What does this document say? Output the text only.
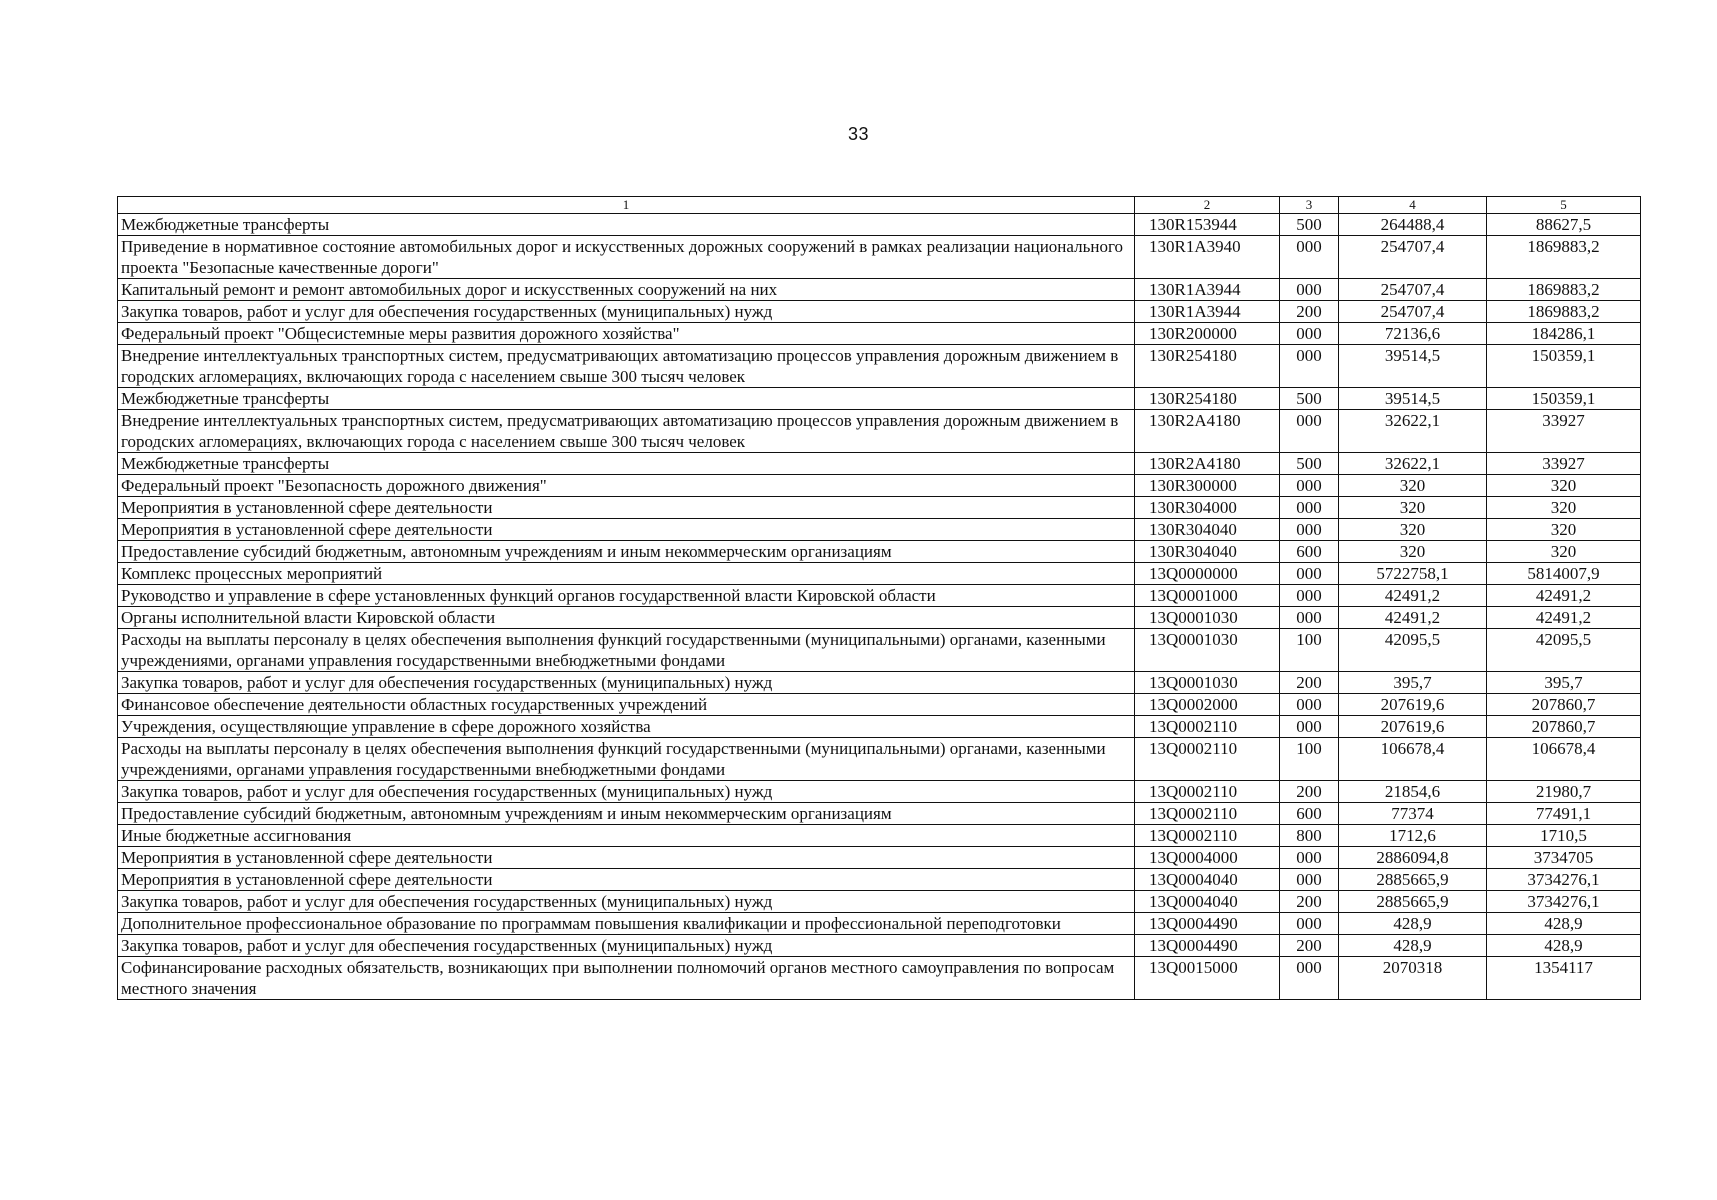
33
1	2	3	4	5
Межбюджетные трансферты	130R153944	500	264488,4	88627,5
Приведение в нормативное состояние автомобильных дорог и искусственных дорожных сооружений в рамках реализации национального проекта "Безопасные качественные дороги"	130R1A3940	000	254707,4	1869883,2
Капитальный ремонт и ремонт автомобильных дорог и искусственных сооружений на них	130R1A3944	000	254707,4	1869883,2
Закупка товаров, работ и услуг для обеспечения государственных (муниципальных) нужд	130R1A3944	200	254707,4	1869883,2
Федеральный проект "Общесистемные меры развития дорожного хозяйства"	130R200000	000	72136,6	184286,1
Внедрение интеллектуальных транспортных систем, предусматривающих автоматизацию процессов управления дорожным движением в городских агломерациях, включающих города с населением свыше 300 тысяч человек	130R254180	000	39514,5	150359,1
Межбюджетные трансферты	130R254180	500	39514,5	150359,1
Внедрение интеллектуальных транспортных систем, предусматривающих автоматизацию процессов управления дорожным движением в городских агломерациях, включающих города с населением свыше 300 тысяч человек	130R2A4180	000	32622,1	33927
Межбюджетные трансферты	130R2A4180	500	32622,1	33927
Федеральный проект "Безопасность дорожного движения"	130R300000	000	320	320
Мероприятия в установленной сфере деятельности	130R304000	000	320	320
Мероприятия в установленной сфере деятельности	130R304040	000	320	320
Предоставление субсидий бюджетным, автономным учреждениям и иным некоммерческим организациям	130R304040	600	320	320
Комплекс процессных мероприятий	13Q0000000	000	5722758,1	5814007,9
Руководство и управление в сфере установленных функций органов государственной власти Кировской области	13Q0001000	000	42491,2	42491,2
Органы исполнительной власти Кировской области	13Q0001030	000	42491,2	42491,2
Расходы на выплаты персоналу в целях обеспечения выполнения функций государственными (муниципальными) органами, казенными учреждениями, органами управления государственными внебюджетными фондами	13Q0001030	100	42095,5	42095,5
Закупка товаров, работ и услуг для обеспечения государственных (муниципальных) нужд	13Q0001030	200	395,7	395,7
Финансовое обеспечение деятельности областных государственных учреждений	13Q0002000	000	207619,6	207860,7
Учреждения, осуществляющие управление в сфере дорожного хозяйства	13Q0002110	000	207619,6	207860,7
Расходы на выплаты персоналу в целях обеспечения выполнения функций государственными (муниципальными) органами, казенными учреждениями, органами управления государственными внебюджетными фондами	13Q0002110	100	106678,4	106678,4
Закупка товаров, работ и услуг для обеспечения государственных (муниципальных) нужд	13Q0002110	200	21854,6	21980,7
Предоставление субсидий бюджетным, автономным учреждениям и иным некоммерческим организациям	13Q0002110	600	77374	77491,1
Иные бюджетные ассигнования	13Q0002110	800	1712,6	1710,5
Мероприятия в установленной сфере деятельности	13Q0004000	000	2886094,8	3734705
Мероприятия в установленной сфере деятельности	13Q0004040	000	2885665,9	3734276,1
Закупка товаров, работ и услуг для обеспечения государственных (муниципальных) нужд	13Q0004040	200	2885665,9	3734276,1
Дополнительное профессиональное образование по программам повышения квалификации и профессиональной переподготовки	13Q0004490	000	428,9	428,9
Закупка товаров, работ и услуг для обеспечения государственных (муниципальных) нужд	13Q0004490	200	428,9	428,9
Софинансирование расходных обязательств, возникающих при выполнении полномочий органов местного самоуправления по вопросам местного значения	13Q0015000	000	2070318	1354117
